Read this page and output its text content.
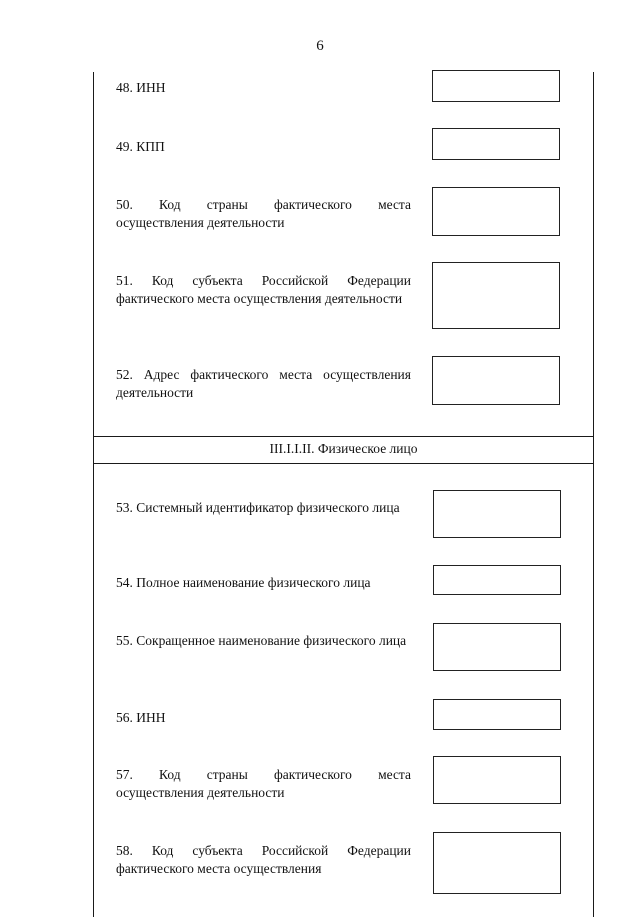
6
48. ИНН
49. КПП
50. Код страны фактического места осуществления деятельности
51. Код субъекта Российской Федерации фактического места осуществления деятельности
52. Адрес фактического места осуществления деятельности
III.I.I.II. Физическое лицо
53. Системный идентификатор физического лица
54. Полное наименование физического лица
55. Сокращенное наименование физического лица
56. ИНН
57. Код страны фактического места осуществления деятельности
58. Код субъекта Российской Федерации фактического места осуществления
